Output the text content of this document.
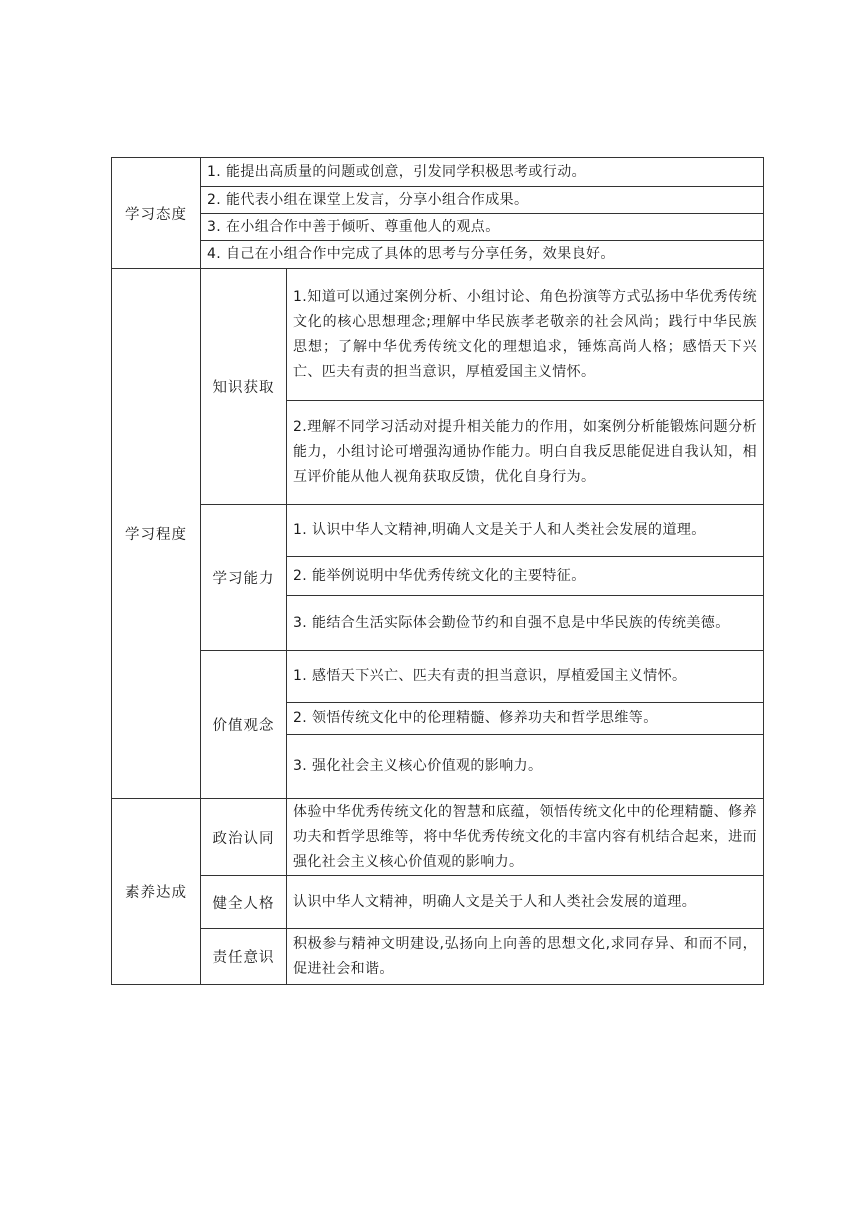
学习态度	1. 能提出高质量的问题或创意，引发同学积极思考或行动。	
	2. 能代表小组在课堂上发言，分享小组合作成果。	
	3. 在小组合作中善于倾听、尊重他人的观点。	
	4. 自己在小组合作中完成了具体的思考与分享任务，效果良好。	
学习程度	知识获取	1.知道可以通过案例分析、小组讨论、角色扮演等方式弘扬中华优秀传统文化的核心思想理念;理解中华民族孝老敬亲的社会风尚；践行中华民族思想；了解中华优秀传统文化的理想追求，锤炼高尚人格；感悟天下兴亡、匹夫有责的担当意识，厚植爱国主义情怀。
		2.理解不同学习活动对提升相关能力的作用，如案例分析能锻炼问题分析能力，小组讨论可增强沟通协作能力。明白自我反思能促进自我认知，相互评价能从他人视角获取反馈，优化自身行为。
	学习能力	1. 认识中华人文精神,明确人文是关于人和人类社会发展的道理。
		2. 能举例说明中华优秀传统文化的主要特征。
		3. 能结合生活实际体会勤俭节约和自强不息是中华民族的传统美德。
	价值观念	1. 感悟天下兴亡、匹夫有责的担当意识，厚植爱国主义情怀。
		2. 领悟传统文化中的伦理精髓、修养功夫和哲学思维等。
		3. 强化社会主义核心价值观的影响力。
素养达成	政治认同	体验中华优秀传统文化的智慧和底蕴，领悟传统文化中的伦理精髓、修养功夫和哲学思维等，将中华优秀传统文化的丰富内容有机结合起来，进而强化社会主义核心价值观的影响力。
	健全人格	认识中华人文精神，明确人文是关于人和人类社会发展的道理。
	责任意识	积极参与精神文明建设,弘扬向上向善的思想文化,求同存异、和而不同，促进社会和谐。
